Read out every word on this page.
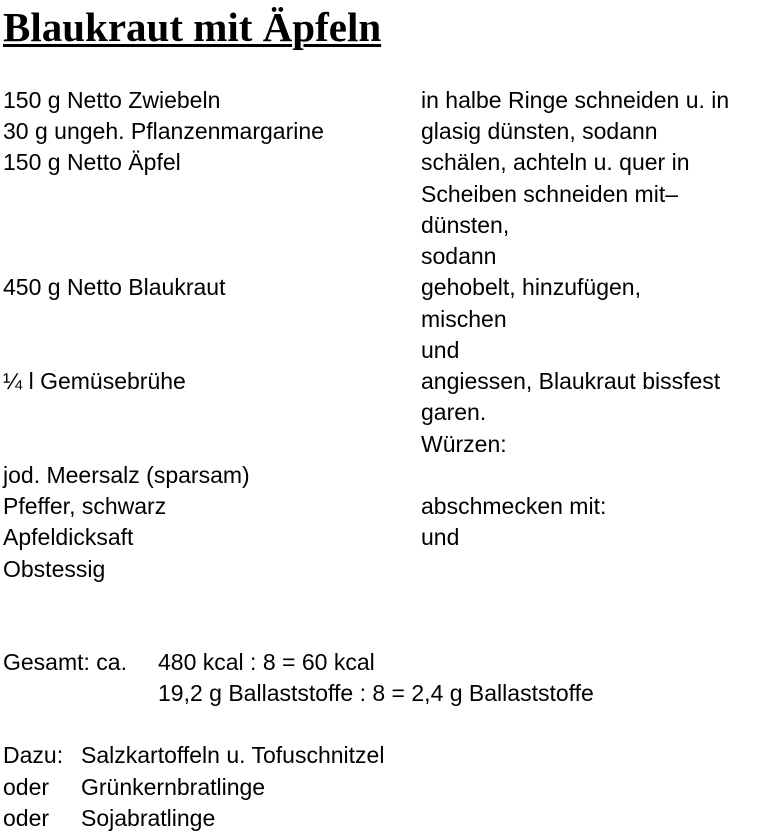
Blaukraut mit Äpfeln
150 g Netto Zwiebeln	in halbe Ringe schneiden u. in
30 g ungeh. Pflanzenmargarine	glasig dünsten, sodann
150 g Netto Äpfel	schälen, achteln u. quer in
Scheiben schneiden mit–
dünsten,
sodann
450 g Netto Blaukraut	gehobelt, hinzufügen,
mischen
und
¼ l Gemüsebrühe	angiessen, Blaukraut bissfest
garen.
Würzen:
jod. Meersalz (sparsam)
Pfeffer, schwarz	abschmecken mit:
Apfeldicksaft	und
Obstessig
Gesamt: ca. 480 kcal : 8 = 60 kcal
19,2 g Ballaststoffe : 8 = 2,4 g Ballaststoffe
Dazu: Salzkartoffeln u. Tofuschnitzel
oder Grünkernbratlinge
oder Sojabratlinge
